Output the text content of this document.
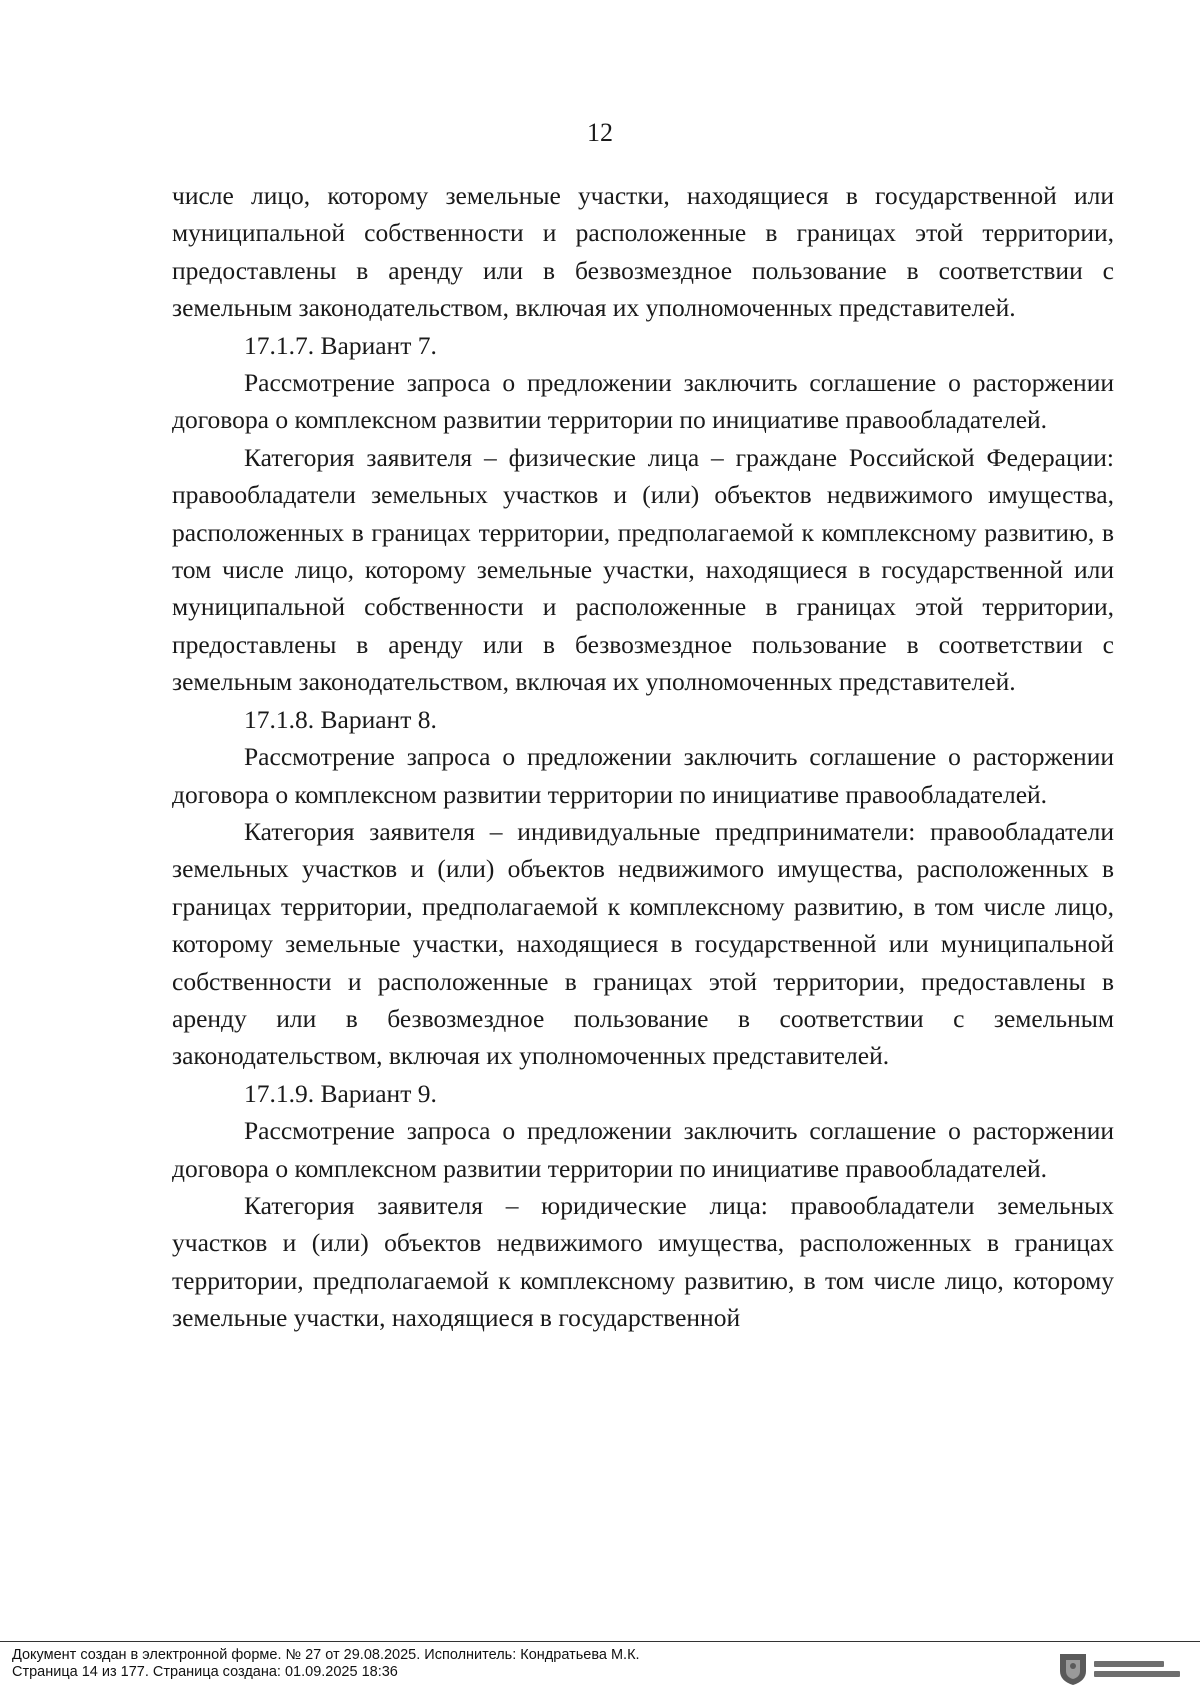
12

числе лицо, которому земельные участки, находящиеся в государственной или муниципальной собственности и расположенные в границах этой территории, предоставлены в аренду или в безвозмездное пользование в соответствии с земельным законодательством, включая их уполномоченных представителей.

17.1.7. Вариант 7.

Рассмотрение запроса о предложении заключить соглашение о расторжении договора о комплексном развитии территории по инициативе правообладателей.

Категория заявителя – физические лица – граждане Российской Федерации: правообладатели земельных участков и (или) объектов недвижимого имущества, расположенных в границах территории, предполагаемой к комплексному развитию, в том числе лицо, которому земельные участки, находящиеся в государственной или муниципальной собственности и расположенные в границах этой территории, предоставлены в аренду или в безвозмездное пользование в соответствии с земельным законодательством, включая их уполномоченных представителей.

17.1.8. Вариант 8.

Рассмотрение запроса о предложении заключить соглашение о расторжении договора о комплексном развитии территории по инициативе правообладателей.

Категория заявителя – индивидуальные предприниматели: правообладатели земельных участков и (или) объектов недвижимого имущества, расположенных в границах территории, предполагаемой к комплексному развитию, в том числе лицо, которому земельные участки, находящиеся в государственной или муниципальной собственности и расположенные в границах этой территории, предоставлены в аренду или в безвозмездное пользование в соответствии с земельным законодательством, включая их уполномоченных представителей.

17.1.9. Вариант 9.

Рассмотрение запроса о предложении заключить соглашение о расторжении договора о комплексном развитии территории по инициативе правообладателей.

Категория заявителя – юридические лица: правообладатели земельных участков и (или) объектов недвижимого имущества, расположенных в границах территории, предполагаемой к комплексному развитию, в том числе лицо, которому земельные участки, находящиеся в государственной

Документ создан в электронной форме. № 27 от 29.08.2025. Исполнитель: Кондратьева М.К.
Страница 14 из 177. Страница создана: 01.09.2025 18:36
